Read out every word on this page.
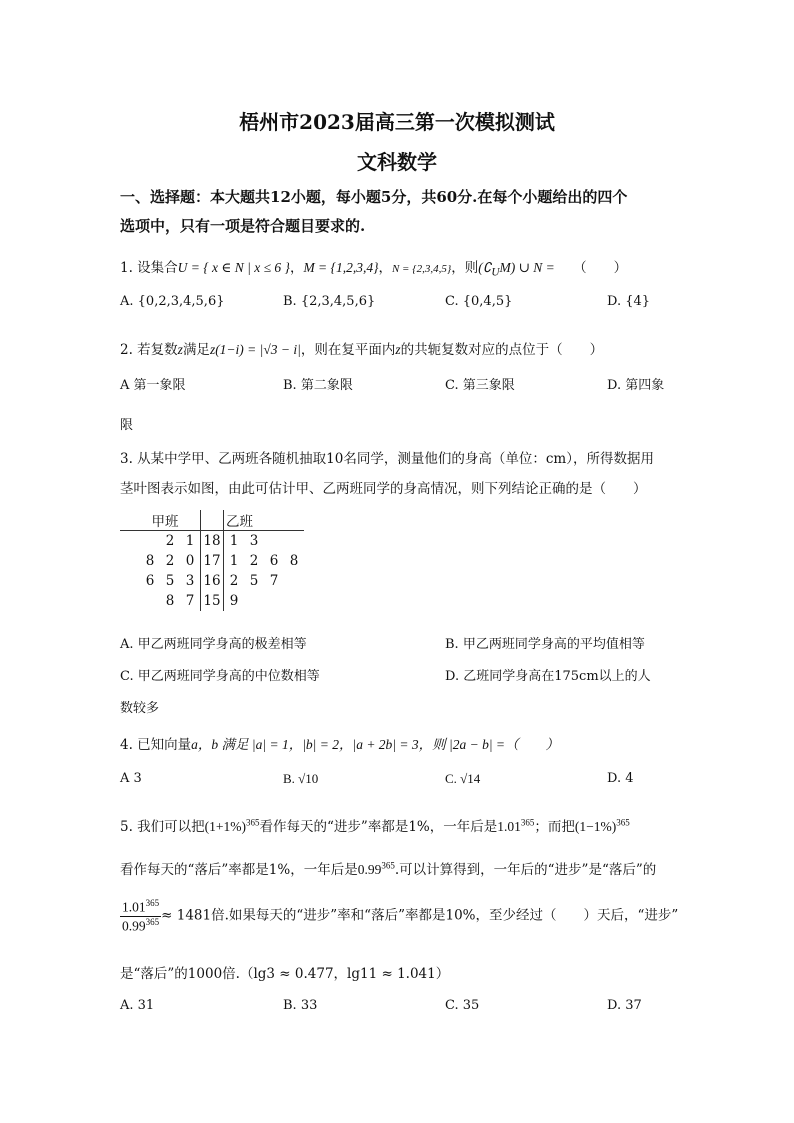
梧州市2023届高三第一次模拟测试
文科数学
一、选择题：本大题共12小题，每小题5分，共60分.在每个小题给出的四个
选项中，只有一项是符合题目要求的.
1. 设集合U = { x ∈ N | x ≤ 6 }，M = {1,2,3,4}，N = {2,3,4,5}，则$(∁_UM)$ ∪ N = （　　）
A. {0,2,3,4,5,6}	B. {2,3,4,5,6}	C. {0,4,5}	D. {4}
2. 若复数z满足z(1−i) = |√3 − i|，则在复平面内z的共轭复数对应的点位于（　　）
A 第一象限	B. 第二象限	C. 第三象限	D. 第四象
限
3. 从某中学甲、乙两班各随机抽取10名同学，测量他们的身高（单位：cm），所得数据用
茎叶图表示如图，由此可估计甲、乙两班同学的身高情况，则下列结论正确的是（　　）
甲班					乙班			
		2	1	18	1	3		
	8	2	0	17	1	2	6	8
	6	5	3	16	2	5	7	
		8	7	15	9			
A. 甲乙两班同学身高的极差相等	B. 甲乙两班同学身高的平均值相等
C. 甲乙两班同学身高的中位数相等	D. 乙班同学身高在175cm以上的人
数较多
4. 已知向量a，b 满足 |a| = 1，|b| = 2，|a + 2b| = 3，则 |2a − b| =（　　）
A 3	B. √10	C. √14	D. 4
5. 我们可以把$(1+1\%)^{365}$看作每天的“进步”率都是1%，一年后是1.01$^{365}$；而把$(1-1\%)^{365}$
看作每天的“落后”率都是1%，一年后是0.99$^{365}$.可以计算得到，一年后的“进步”是“落后”的
$\frac{1.01^{365}}{0.99^{365}} \approx 1481$倍.如果每天的“进步”率和“落后”率都是10%，至少经过（　　）天后，“进步”
是“落后”的1000倍.（lg3 ≈ 0.477，lg11 ≈ 1.041）
A. 31	B. 33	C. 35	D. 37
